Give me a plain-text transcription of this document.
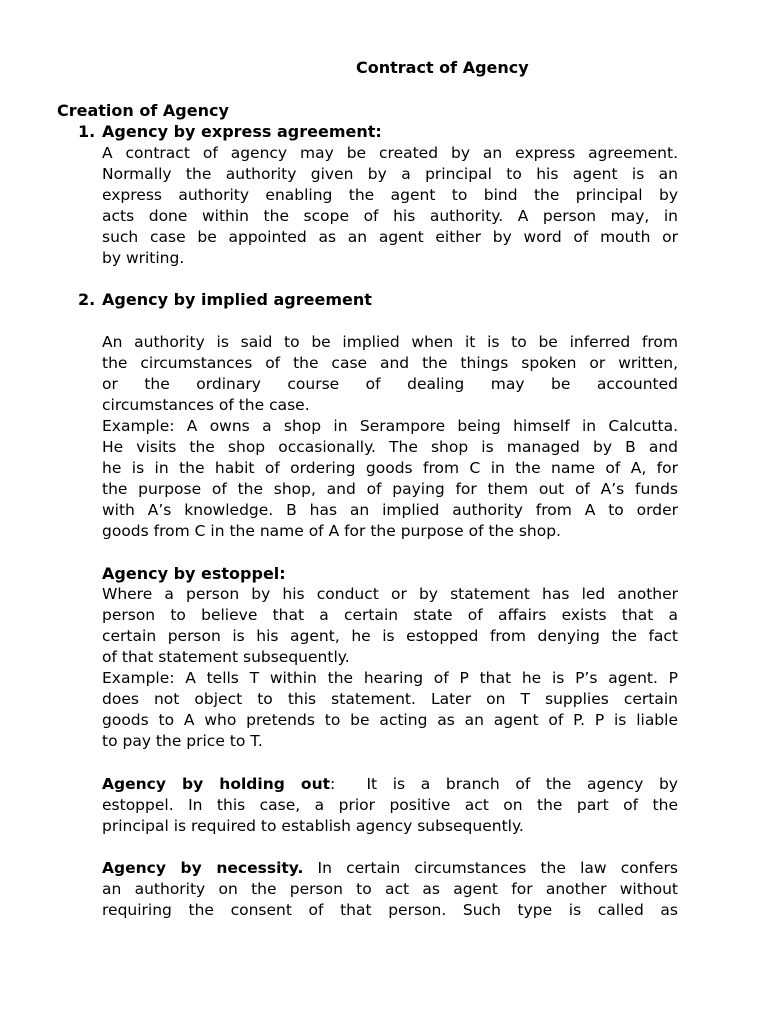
Contract of Agency
Creation of Agency
1. Agency by express agreement:
A contract of agency may be created by an express agreement.
Normally the authority given by a principal to his agent is an
express authority enabling the agent to bind the principal by
acts done within the scope of his authority. A person may, in
such case be appointed as an agent either by word of mouth or
by writing.
2. Agency by implied agreement
An authority is said to be implied when it is to be inferred from
the circumstances of the case and the things spoken or written,
or the ordinary course of dealing may be accounted
circumstances of the case.
Example: A owns a shop in Serampore being himself in Calcutta.
He visits the shop occasionally. The shop is managed by B and
he is in the habit of ordering goods from C in the name of A, for
the purpose of the shop, and of paying for them out of A’s funds
with A’s knowledge. B has an implied authority from A to order
goods from C in the name of A for the purpose of the shop.
Agency by estoppel:
Where a person by his conduct or by statement has led another
person to believe that a certain state of affairs exists that a
certain person is his agent, he is estopped from denying the fact
of that statement subsequently.
Example: A tells T within the hearing of P that he is P’s agent. P
does not object to this statement. Later on T supplies certain
goods to A who pretends to be acting as an agent of P. P is liable
to pay the price to T.
Agency by holding out:  It is a branch of the agency by
estoppel. In this case, a prior positive act on the part of the
principal is required to establish agency subsequently.
Agency by necessity. In certain circumstances the law confers
an authority on the person to act as agent for another without
requiring the consent of that person. Such type is called as
